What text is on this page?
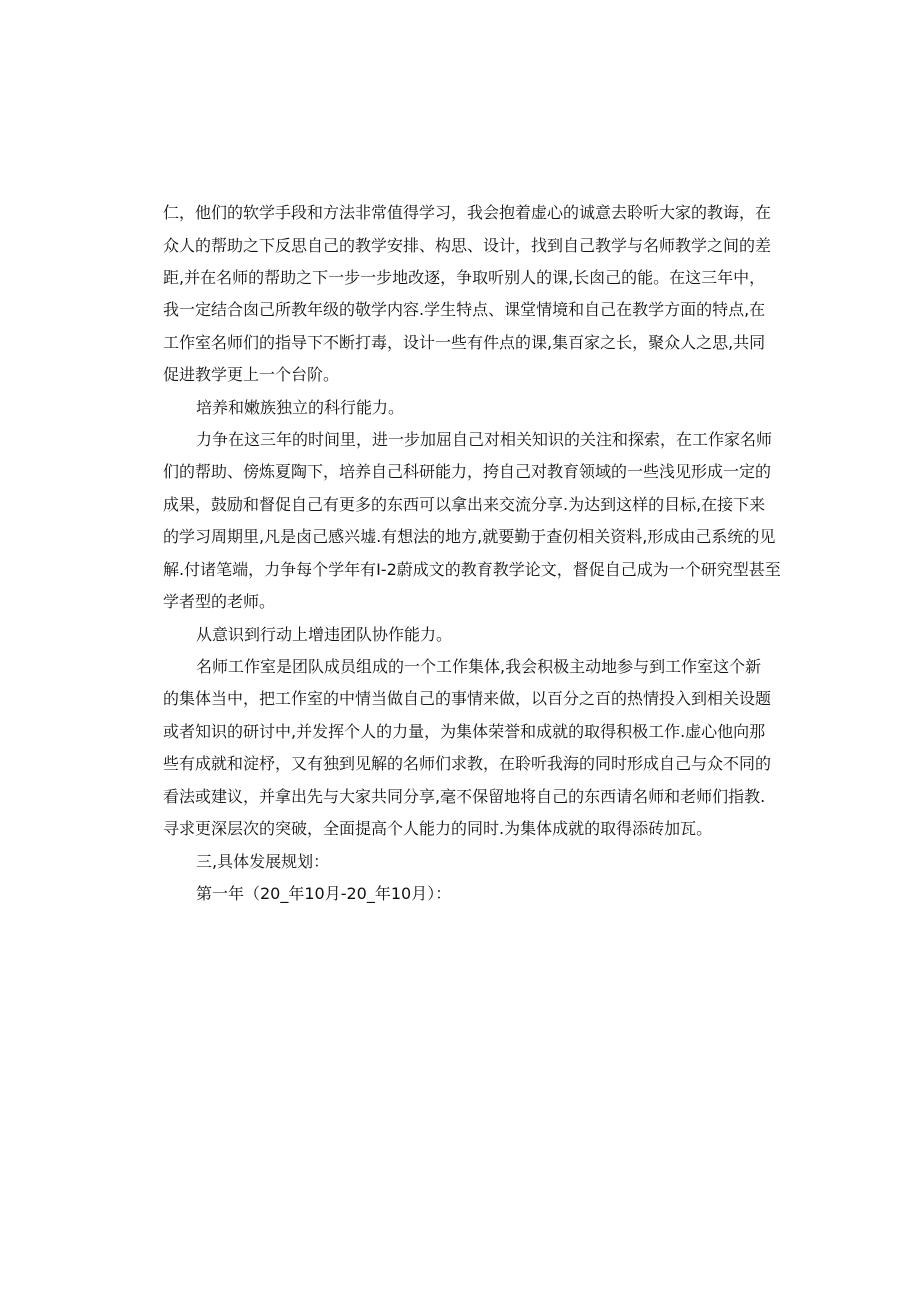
仁，他们的软学手段和方法非常值得学习，我会抱着虚心的诚意去聆听大家的教诲，在

众人的帮助之下反思自己的教学安排、构思、设计，找到自己教学与名师教学之间的差

距,并在名师的帮助之下一步一步地改逐，争取听别人的课,长囱己的能。在这三年中，

我一定结合囱己所教年级的敬学内容.学生特点、课堂情境和自己在教学方面的特点,在

工作室名师们的指导下不断打毒，设计一些有件点的课,集百家之长，聚众人之思,共同

促进教学更上一个台阶。

培养和嫩族独立的科行能力。

力争在这三年的时间里，进一步加屈自己对相关知识的关注和探索，在工作家名师

们的帮助、傍炼夏陶下，培养自己科研能力，挎自己对教育领域的一些浅见形成一定的

成果，鼓励和督促自己有更多的东西可以拿出来交流分享.为达到这样的目标,在接下来

的学习周期里,凡是卤己感兴墟.有想法的地方,就要勤于查仞相关资料,形成由己系统的见

解.付诸笔端，力争每个学年有I-2蔚成文的教育教学论文，督促自己成为一个研究型甚至

学者型的老师。

从意识到行动上增违团队协作能力。

名师工作室是团队成员组成的一个工作集体,我会积极主动地参与到工作室这个新

的集体当中，把工作室的中情当做自己的事情来做，以百分之百的热情投入到相关设题

或者知识的研讨中,并发挥个人的力量，为集体荣誉和成就的取得积极工作.虚心他向那

些有成就和淀杼，又有独到见解的名师们求教，在聆听我海的同时形成自己与众不同的

看法或建议，并拿出先与大家共同分享,毫不保留地将自己的东西请名师和老师们指教.

寻求更深层次的突破，全面提高个人能力的同时.为集体成就的取得添砖加瓦。

三,具体发展规划：

第一年（20_年10月-20_年10月）：
